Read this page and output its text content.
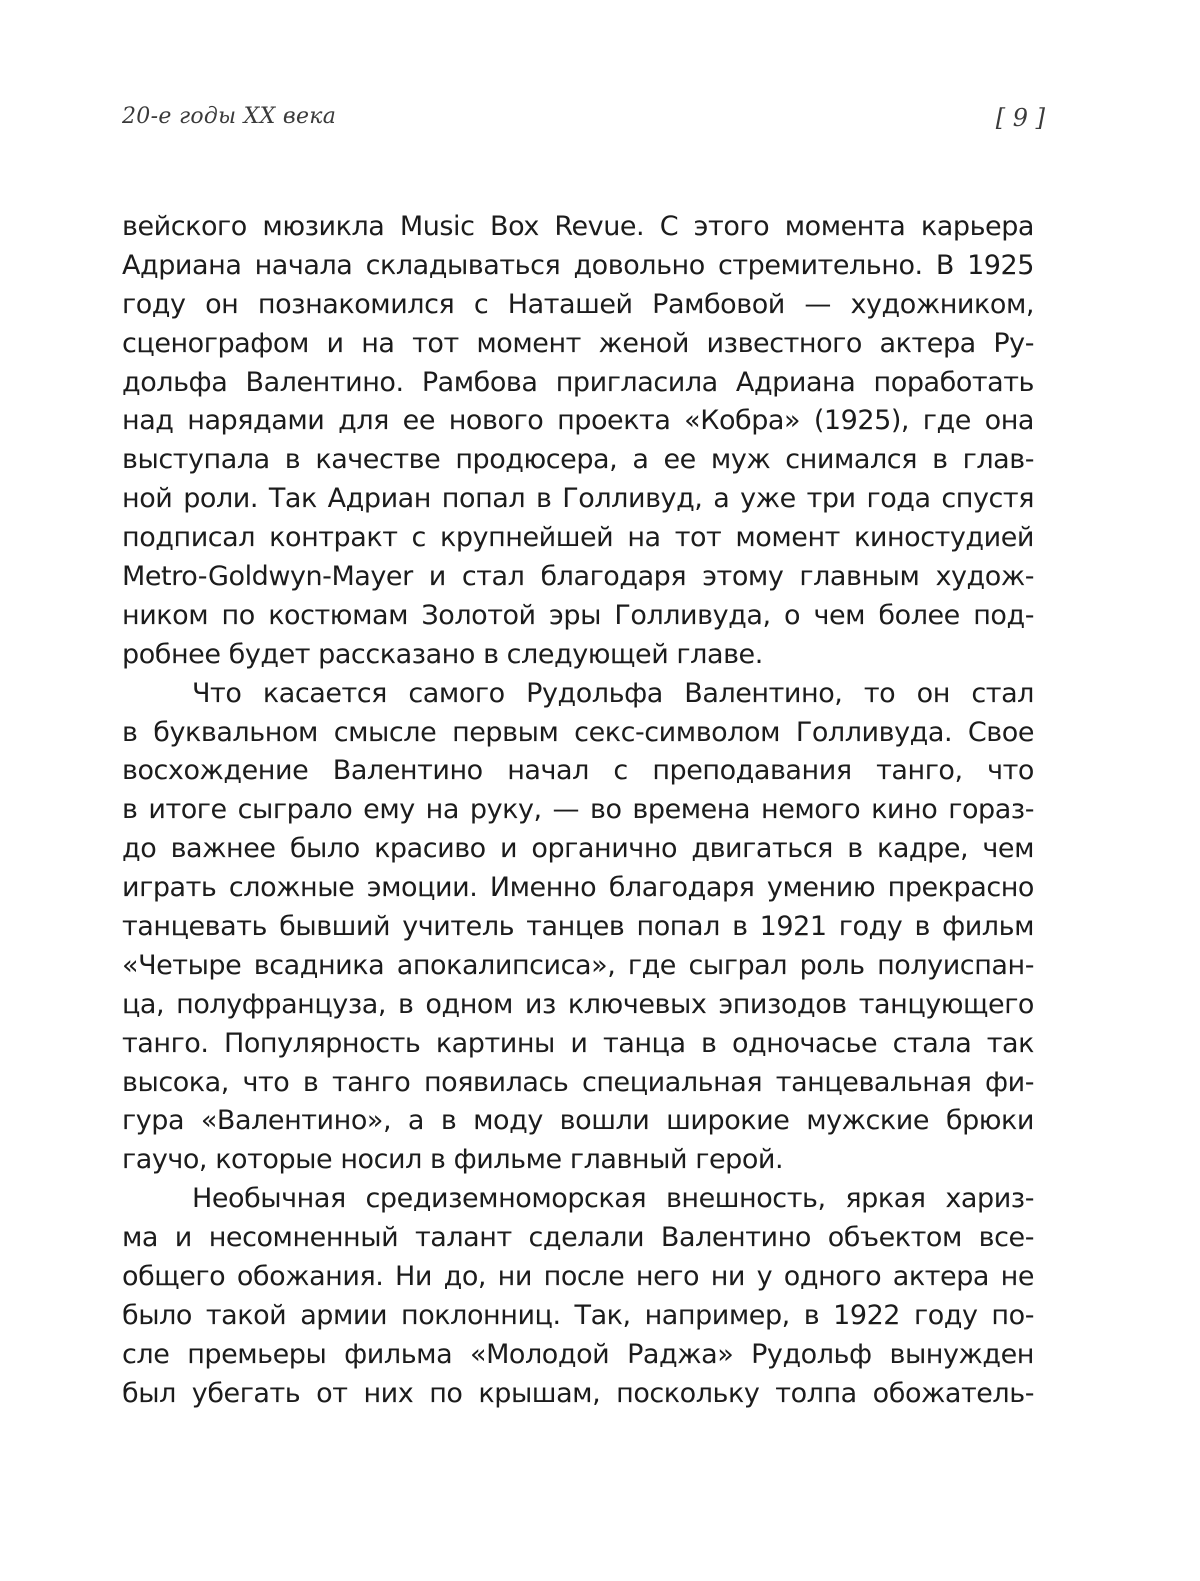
20-е годы XX века	[ 9 ]
вейского мюзикла Music Box Revue. С этого момента карьера
Адриана начала складываться довольно стремительно. В 1925
году он познакомился с Наташей Рамбовой — художником,
сценографом и на тот момент женой известного актера Ру-
дольфа Валентино. Рамбова пригласила Адриана поработать
над нарядами для ее нового проекта «Кобра» (1925), где она
выступала в качестве продюсера, а ее муж снимался в глав-
ной роли. Так Адриан попал в Голливуд, а уже три года спустя
подписал контракт с крупнейшей на тот момент киностудией
Metro-Goldwyn-Mayer и стал благодаря этому главным худож-
ником по костюмам Золотой эры Голливуда, о чем более под-
робнее будет рассказано в следующей главе.
Что касается самого Рудольфа Валентино, то он стал
в буквальном смысле первым секс-символом Голливуда. Свое
восхождение Валентино начал с преподавания танго, что
в итоге сыграло ему на руку, — во времена немого кино гораз-
до важнее было красиво и органично двигаться в кадре, чем
играть сложные эмоции. Именно благодаря умению прекрасно
танцевать бывший учитель танцев попал в 1921 году в фильм
«Четыре всадника апокалипсиса», где сыграл роль полуиспан-
ца, полуфранцуза, в одном из ключевых эпизодов танцующего
танго. Популярность картины и танца в одночасье стала так
высока, что в танго появилась специальная танцевальная фи-
гура «Валентино», а в моду вошли широкие мужские брюки
гаучо, которые носил в фильме главный герой.
Необычная средиземноморская внешность, яркая хариз-
ма и несомненный талант сделали Валентино объектом все-
общего обожания. Ни до, ни после него ни у одного актера не
было такой армии поклонниц. Так, например, в 1922 году по-
сле премьеры фильма «Молодой Раджа» Рудольф вынужден
был убегать от них по крышам, поскольку толпа обожатель-
